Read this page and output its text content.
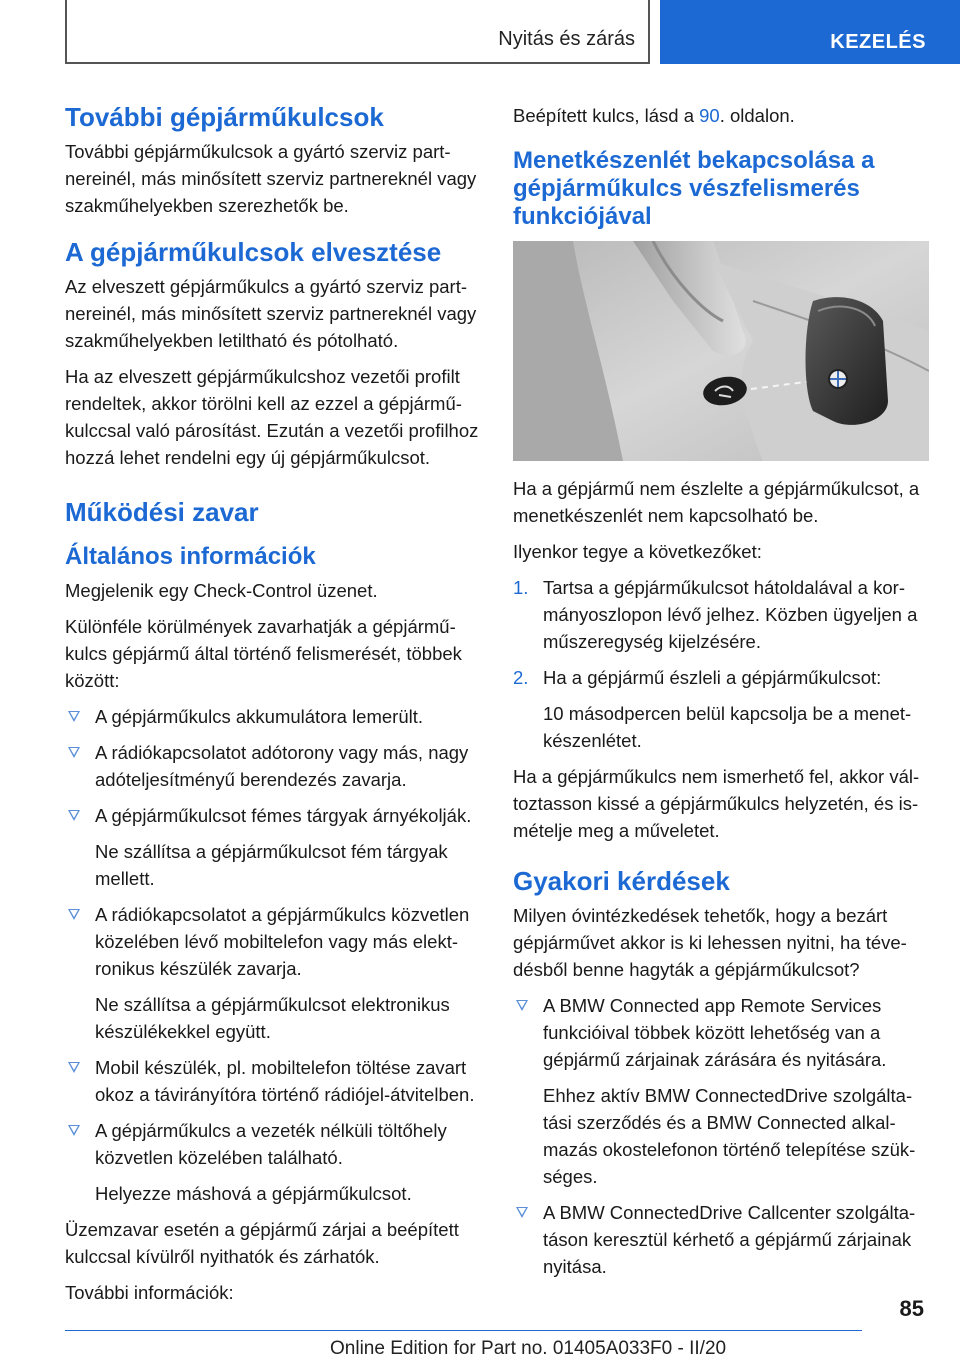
Nyitás és zárás	KEZELÉS
További gépjárműkulcsok

További gépjárműkulcsok a gyártó szerviz partnereinél, más minősített szerviz partnereknél vagy szakműhelyekben szerezhetők be.

A gépjárműkulcsok elvesztése

Az elveszett gépjárműkulcs a gyártó szerviz partnereinél, más minősített szerviz partnereknél vagy szakműhelyekben letiltható és pótolható.

Ha az elveszett gépjárműkulcshoz vezetői profilt rendeltek, akkor törölni kell az ezzel a gépjárműkulccsal való párosítást. Ezután a vezetői profilhoz hozzá lehet rendelni egy új gépjárműkulcsot.

Működési zavar
Általános információk

Megjelenik egy Check-Control üzenet.

Különféle körülmények zavarhatják a gépjárműkulcs gépjármű által történő felismerését, többek között:

A gépjárműkulcs akkumulátora lemerült.
A rádiókapcsolatot adótorony vagy más, nagy adóteljesítményű berendezés zavarja.
A gépjárműkulcsot fémes tárgyak árnyékolják.
Ne szállítsa a gépjárműkulcsot fém tárgyak mellett.
A rádiókapcsolatot a gépjárműkulcs közvetlen közelében lévő mobiltelefon vagy más elektronikus készülék zavarja.
Ne szállítsa a gépjárműkulcsot elektronikus készülékekkel együtt.
Mobil készülék, pl. mobiltelefon töltése zavart okoz a távirányítóra történő rádiójel-átvitelben.
A gépjárműkulcs a vezeték nélküli töltőhely közvetlen közelében található.
Helyezze máshová a gépjárműkulcsot.

Üzemzavar esetén a gépjármű zárjai a beépített kulccsal kívülről nyithatók és zárhatók.

További információk:

Beépített kulcs, lásd a 90. oldalon.

Menetkészenlét bekapcsolása a gépjárműkulcs vészfelismerés funkciójával

Ha a gépjármű nem észlelte a gépjárműkulcsot, a menetkészenlét nem kapcsolható be.

Ilyenkor tegye a következőket:

1. Tartsa a gépjárműkulcsot hátoldalával a kormányoszlopon lévő jelhez. Közben ügyeljen a műszeregység kijelzésére.
2. Ha a gépjármű észleli a gépjárműkulcsot:
10 másodpercen belül kapcsolja be a menetkészenlétet.

Ha a gépjárműkulcs nem ismerhető fel, akkor változtasson kissé a gépjárműkulcs helyzetén, és ismételje meg a műveletet.

Gyakori kérdések

Milyen óvintézkedések tehetők, hogy a bezárt gépjárművet akkor is ki lehessen nyitni, ha tévedésből benne hagyták a gépjárműkulcsot?

A BMW Connected app Remote Services funkcióival többek között lehetőség van a gépjármű zárjainak zárására és nyitására.
Ehhez aktív BMW ConnectedDrive szolgáltatási szerződés és a BMW Connected alkalmazás okostelefonon történő telepítése szükséges.
A BMW ConnectedDrive Callcenter szolgáltatáson keresztül kérhető a gépjármű zárjainak nyitása.
85
Online Edition for Part no. 01405A033F0 - II/20
